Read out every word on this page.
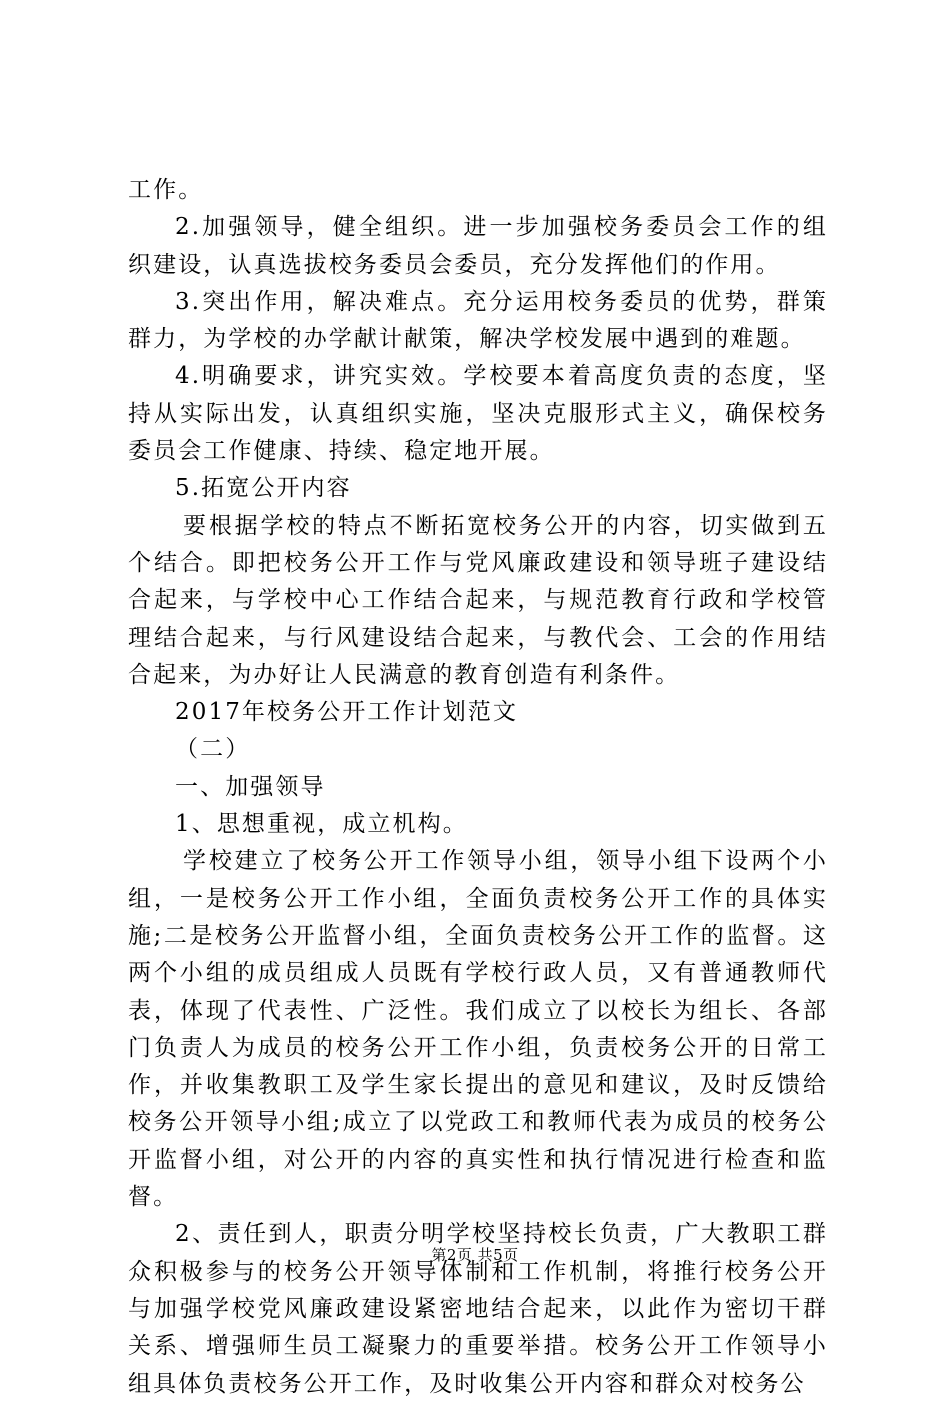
工作。

2.加强领导，健全组织。进一步加强校务委员会工作的组织建设，认真选拔校务委员会委员，充分发挥他们的作用。

3.突出作用，解决难点。充分运用校务委员的优势，群策群力，为学校的办学献计献策，解决学校发展中遇到的难题。

4.明确要求，讲究实效。学校要本着高度负责的态度，坚持从实际出发，认真组织实施，坚决克服形式主义，确保校务委员会工作健康、持续、稳定地开展。

5.拓宽公开内容

要根据学校的特点不断拓宽校务公开的内容，切实做到五个结合。即把校务公开工作与党风廉政建设和领导班子建设结合起来，与学校中心工作结合起来，与规范教育行政和学校管理结合起来，与行风建设结合起来，与教代会、工会的作用结合起来，为办好让人民满意的教育创造有利条件。

2017年校务公开工作计划范文

（二）

一、加强领导

1、思想重视，成立机构。

学校建立了校务公开工作领导小组，领导小组下设两个小组，一是校务公开工作小组，全面负责校务公开工作的具体实施;二是校务公开监督小组，全面负责校务公开工作的监督。这两个小组的成员组成人员既有学校行政人员，又有普通教师代表，体现了代表性、广泛性。我们成立了以校长为组长、各部门负责人为成员的校务公开工作小组，负责校务公开的日常工作，并收集教职工及学生家长提出的意见和建议，及时反馈给校务公开领导小组;成立了以党政工和教师代表为成员的校务公开监督小组，对公开的内容的真实性和执行情况进行检查和监督。

2、责任到人，职责分明学校坚持校长负责，广大教职工群众积极参与的校务公开领导体制和工作机制，将推行校务公开与加强学校党风廉政建设紧密地结合起来，以此作为密切干群关系、增强师生员工凝聚力的重要举措。校务公开工作领导小组具体负责校务公开工作，及时收集公开内容和群众对校务公

第2页 共5页
